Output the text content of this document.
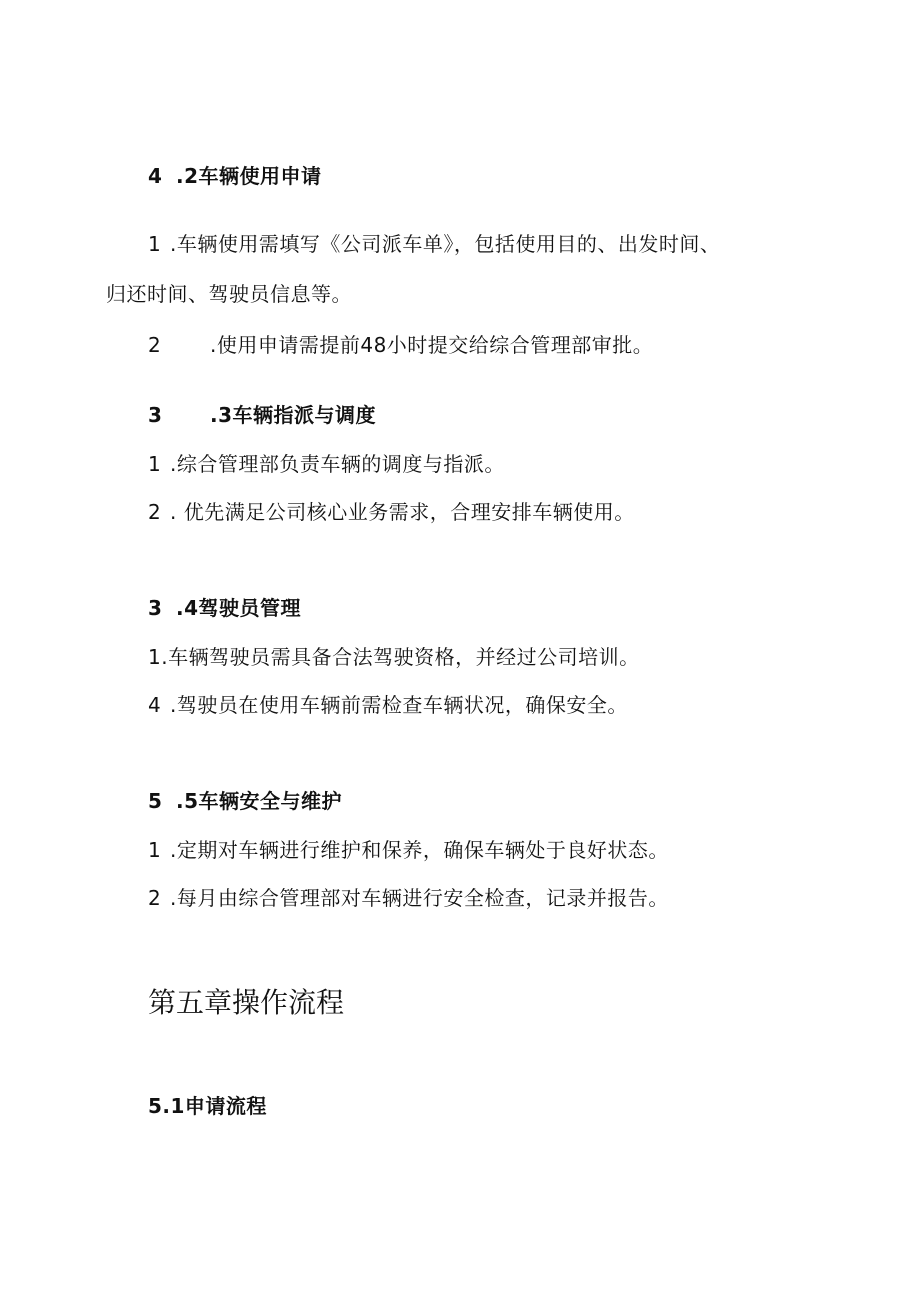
4 .2车辆使用申请
1 .车辆使用需填写《公司派车单》，包括使用目的、出发时间、
归还时间、驾驶员信息等。
2 .使用申请需提前48小时提交给综合管理部审批。
3 .3车辆指派与调度
1 .综合管理部负责车辆的调度与指派。
2 . 优先满足公司核心业务需求，合理安排车辆使用。
3 .4驾驶员管理
1.车辆驾驶员需具备合法驾驶资格，并经过公司培训。
4 .驾驶员在使用车辆前需检查车辆状况，确保安全。
5 .5车辆安全与维护
1 .定期对车辆进行维护和保养，确保车辆处于良好状态。
2 .每月由综合管理部对车辆进行安全检查，记录并报告。
第五章操作流程
5.1申请流程
